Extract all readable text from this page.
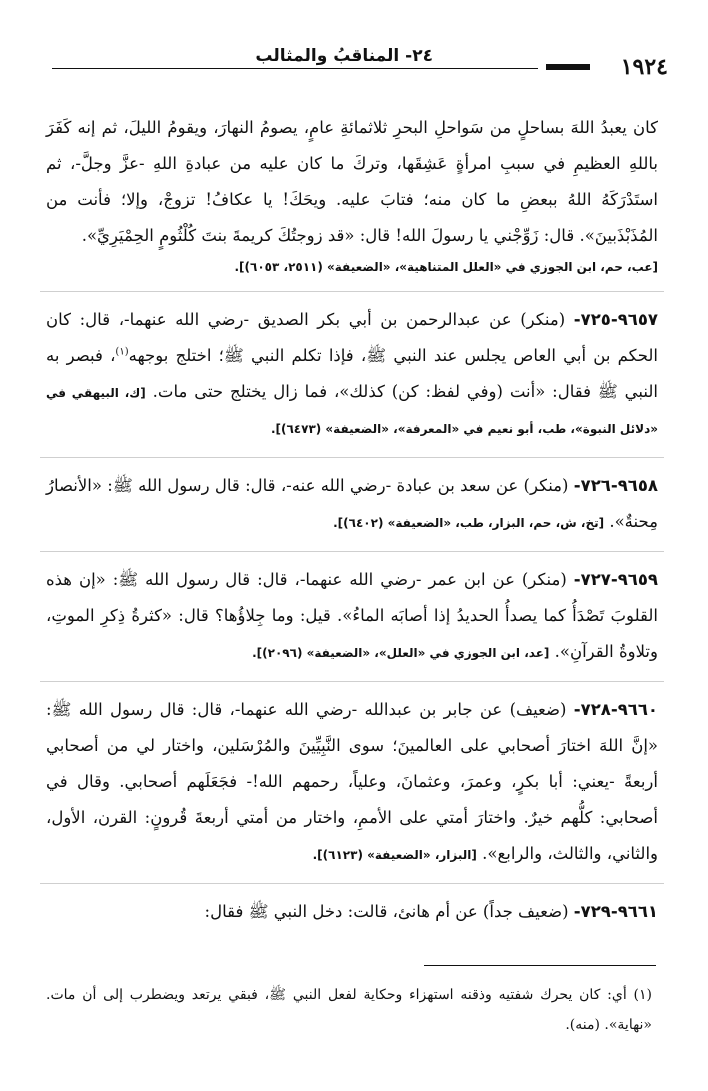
١٩٢٤
٢٤- المناقبُ والمثالب

كان يعبدُ اللهَ بساحلٍ من سَواحلِ البحرِ ثلاثمائةِ عامٍ، يصومُ النهارَ، ويقومُ الليلَ، ثم إنه كَفَرَ باللهِ العظيمِ في سببِ امرأةٍ عَشِقَها، وتركَ ما كان عليه من عبادةِ اللهِ -عزَّ وجلَّ-، ثم استَدْرَكَهُ اللهُ ببعضِ ما كان منه؛ فتابَ عليه. ويحَكَ! يا عكافُ! تزوجْ، وإلا؛ فأنت من المُذَبْذَبينَ». قال: زَوِّجْني يا رسولَ الله! قال: «قد زوجتُكَ كريمةَ بنتَ كُلْثُومٍ الحِمْيَرِيِّ».

[عب، حم، ابن الجوزي في «العلل المتناهية»، «الضعيفة» (٢٥١١، ٦٠٥٣)].

٩٦٥٧-٧٢٥- (منكر) عن عبدالرحمن بن أبي بكر الصديق -رضي الله عنهما-، قال: كان الحكم بن أبي العاص يجلس عند النبي ﷺ، فإذا تكلم النبي ﷺ؛ اختلج بوجهه$^{(١)}$، فبصر به النبي ﷺ فقال: «أنت (وفي لفظ: كن) كذلك»، فما زال يختلج حتى مات. [ك، البيهقي في «دلائل النبوة»، طب، أبو نعيم في «المعرفة»، «الضعيفة» (٦٤٧٣)].

٩٦٥٨-٧٢٦- (منكر) عن سعد بن عبادة -رضي الله عنه-، قال: قال رسول الله ﷺ: «الأنصارُ مِحنةٌ». [تخ، ش، حم، البزار، طب، «الضعيفة» (٦٤٠٢)].

٩٦٥٩-٧٢٧- (منكر) عن ابن عمر -رضي الله عنهما-، قال: قال رسول الله ﷺ: «إن هذه القلوبَ تَصْدَأُ كما يصدأُ الحديدُ إذا أصابَه الماءُ». قيل: وما جِلاؤُها؟ قال: «كثرةُ ذِكرِ الموتِ، وتلاوةُ القرآنِ». [عد، ابن الجوزي في «العلل»، «الضعيفة» (٢٠٩٦)].

٩٦٦٠-٧٢٨- (ضعيف) عن جابر بن عبدالله -رضي الله عنهما-، قال: قال رسول الله ﷺ: «إنَّ اللهَ اختارَ أصحابي على العالمينَ؛ سوى النَّبِيِّينَ والمُرْسَلين، واختار لي من أصحابي أربعةً -يعني: أبا بكرٍ، وعمرَ، وعثمانَ، وعلياً، رحمهم الله!- فجَعَلَهم أصحابي. وقال في أصحابي: كلُّهم خيرٌ. واختارَ أمتي على الأممِ، واختار من أمتي أربعةَ قُرونٍ: القرن، الأول، والثاني، والثالث، والرابع». [البزار، «الضعيفة» (٦١٢٣)].

٩٦٦١-٧٢٩- (ضعيف جداً) عن أم هانئ، قالت: دخل النبي ﷺ فقال:

(١) أي: كان يحرك شفتيه وذقنه استهزاء وحكاية لفعل النبي ﷺ، فبقي يرتعد ويضطرب إلى أن مات. «نهاية». (منه).
